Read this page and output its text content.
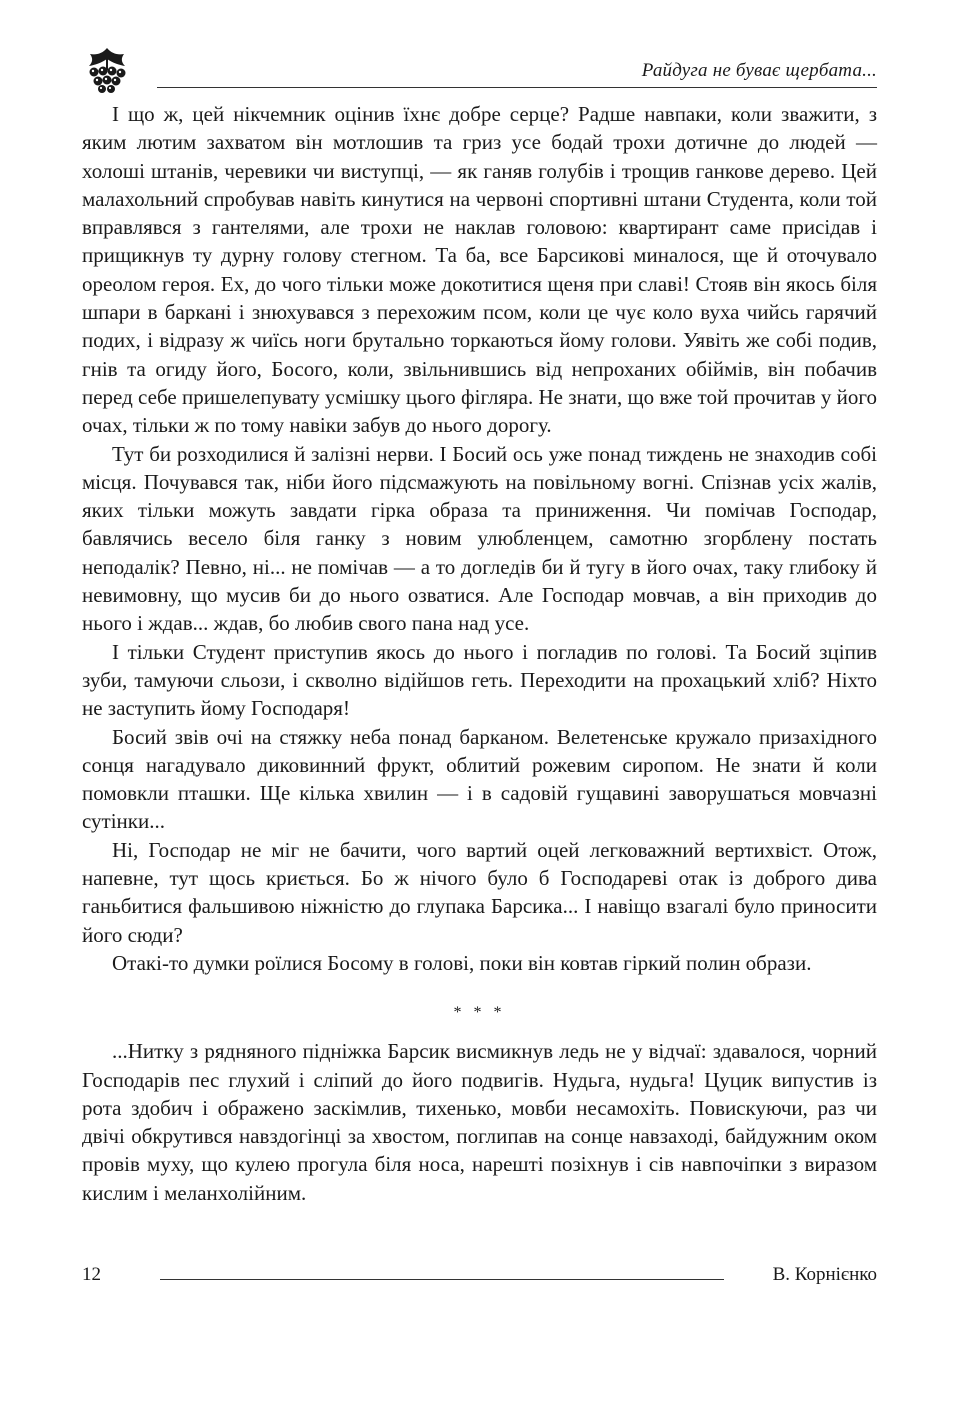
Райдуга не буває щербата...

І що ж, цей нікчемник оцінив їхнє добре серце? Радше навпаки, коли зважити, з яким лютим захватом він мотлошив та гриз усе бодай трохи дотичне до людей — холоші штанів, черевики чи виступці, — як ганяв голубів і трощив ганкове дерево. Цей малахольний спробував навіть кинутися на червоні спортивні штани Студента, коли той вправлявся з гантелями, але трохи не наклав головою: квартирант саме присідав і прищикнув ту дурну голову стегном. Та ба, все Барсикові миналося, ще й оточувало ореолом героя. Ех, до чого тільки може докотитися щеня при славі! Стояв він якось біля шпари в баркані і знюхувався з перехожим псом, коли це чує коло вуха чийсь гарячий подих, і відразу ж чиїсь ноги брутально торкаються йому голови. Уявіть же собі подив, гнів та огиду його, Босого, коли, звільнившись від непроханих обіймів, він побачив перед себе пришелепувату усмішку цього фігляра. Не знати, що вже той прочитав у його очах, тільки ж по тому навіки забув до нього дорогу.

Тут би розходилися й залізні нерви. І Босий ось уже понад тиждень не знаходив собі місця. Почувався так, ніби його підсмажують на повільному вогні. Спізнав усіх жалів, яких тільки можуть завдати гірка образа та приниження. Чи помічав Господар, бавлячись весело біля ганку з новим улюбленцем, самотню згорблену постать неподалік? Певно, ні... не помічав — а то догледів би й тугу в його очах, таку глибоку й невимовну, що мусив би до нього озватися. Але Господар мовчав, а він приходив до нього і ждав... ждав, бо любив свого пана над усе.

І тільки Студент приступив якось до нього і погладив по голові. Та Босий зціпив зуби, тамуючи сльози, і скволно відійшов геть. Переходити на прохацький хліб? Ніхто не заступить йому Господаря!

Босий звів очі на стяжку неба понад барканом. Велетенське кружало призахідного сонця нагадувало диковинний фрукт, облитий рожевим сиропом. Не знати й коли помовкли пташки. Ще кілька хвилин — і в садовій гущавині заворушаться мовчазні сутінки...

Ні, Господар не міг не бачити, чого вартий оцей легковажний вертихвіст. Отож, напевне, тут щось криється. Бо ж нічого було б Господареві отак із доброго дива ганьбитися фальшивою ніжністю до глупака Барсика... І навіщо взагалі було приносити його сюди?

Отакі-то думки роїлися Босому в голові, поки він ковтав гіркий полин образи.

* * *

...Нитку з рядняного підніжка Барсик висмикнув ледь не у відчаї: здавалося, чорний Господарів пес глухий і сліпий до його подвигів. Нудьга, нудьга! Цуцик випустив із рота здобич і ображено заскімлив, тихенько, мовби несамохіть. Повискуючи, раз чи двічі обкрутився навздогінці за хвостом, поглипав на сонце навзаході, байдужним оком провів муху, що кулею прогула біля носа, нарешті позіхнув і сів навпочіпки з виразом кислим і меланхолійним.

12	В. Корнієнко
